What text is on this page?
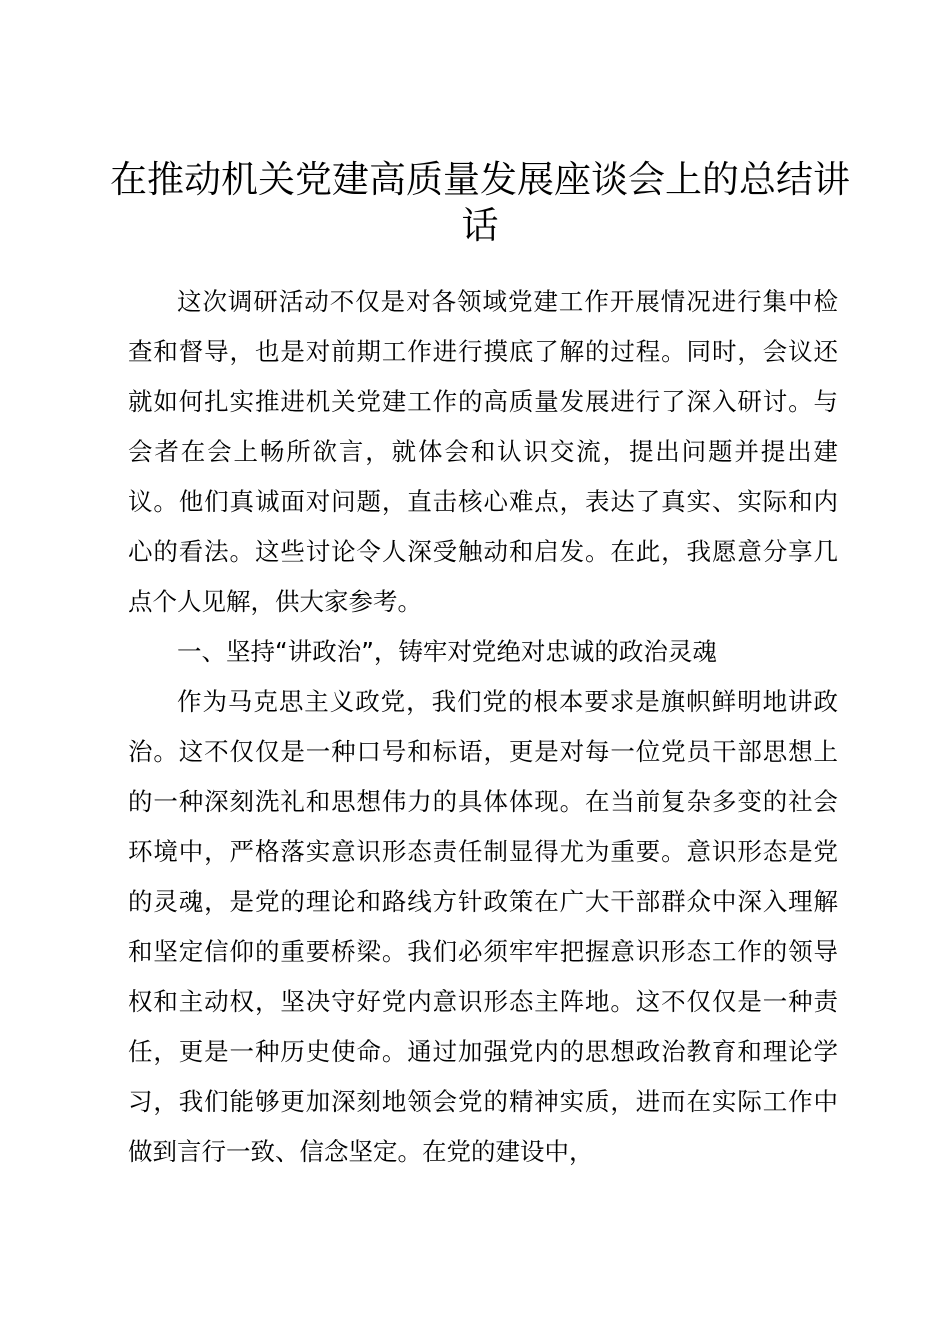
在推动机关党建高质量发展座谈会上的总结讲话

这次调研活动不仅是对各领域党建工作开展情况进行集中检查和督导，也是对前期工作进行摸底了解的过程。同时，会议还就如何扎实推进机关党建工作的高质量发展进行了深入研讨。与会者在会上畅所欲言，就体会和认识交流，提出问题并提出建议。他们真诚面对问题，直击核心难点，表达了真实、实际和内心的看法。这些讨论令人深受触动和启发。在此，我愿意分享几点个人见解，供大家参考。

一、坚持“讲政治”，铸牢对党绝对忠诚的政治灵魂

作为马克思主义政党，我们党的根本要求是旗帜鲜明地讲政治。这不仅仅是一种口号和标语，更是对每一位党员干部思想上的一种深刻洗礼和思想伟力的具体体现。在当前复杂多变的社会环境中，严格落实意识形态责任制显得尤为重要。意识形态是党的灵魂，是党的理论和路线方针政策在广大干部群众中深入理解和坚定信仰的重要桥梁。我们必须牢牢把握意识形态工作的领导权和主动权，坚决守好党内意识形态主阵地。这不仅仅是一种责任，更是一种历史使命。通过加强党内的思想政治教育和理论学习，我们能够更加深刻地领会党的精神实质，进而在实际工作中做到言行一致、信念坚定。在党的建设中，
